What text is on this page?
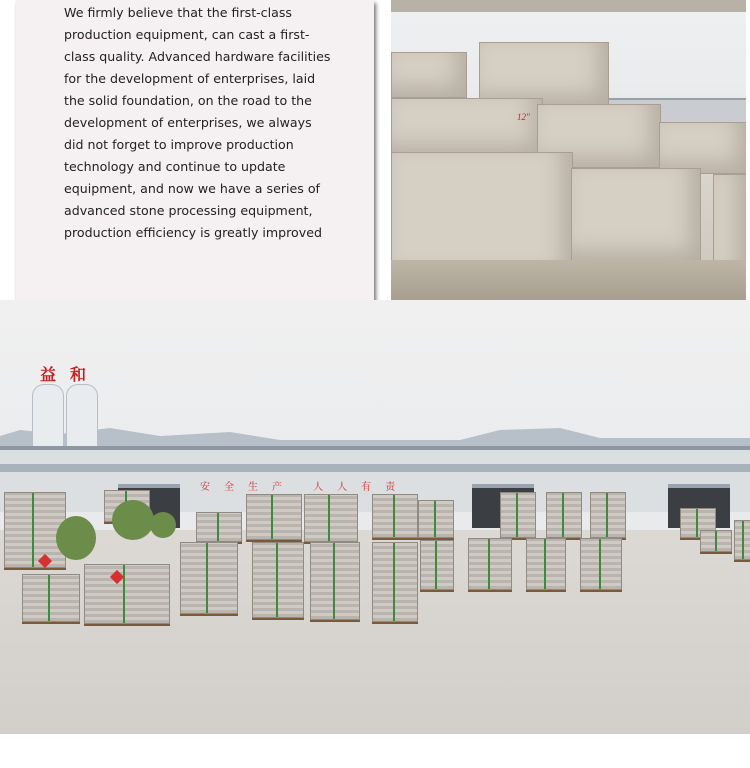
12"

We firmly believe that the first-class production equipment, can cast a first-class quality. Advanced hardware facilities for the development of enterprises, laid the solid foundation, on the road to the development of enterprises, we always did not forget to improve production technology and continue to update equipment, and now we have a series of advanced stone processing equipment, production efficiency is greatly improved

益和
安全生产 人人有责
